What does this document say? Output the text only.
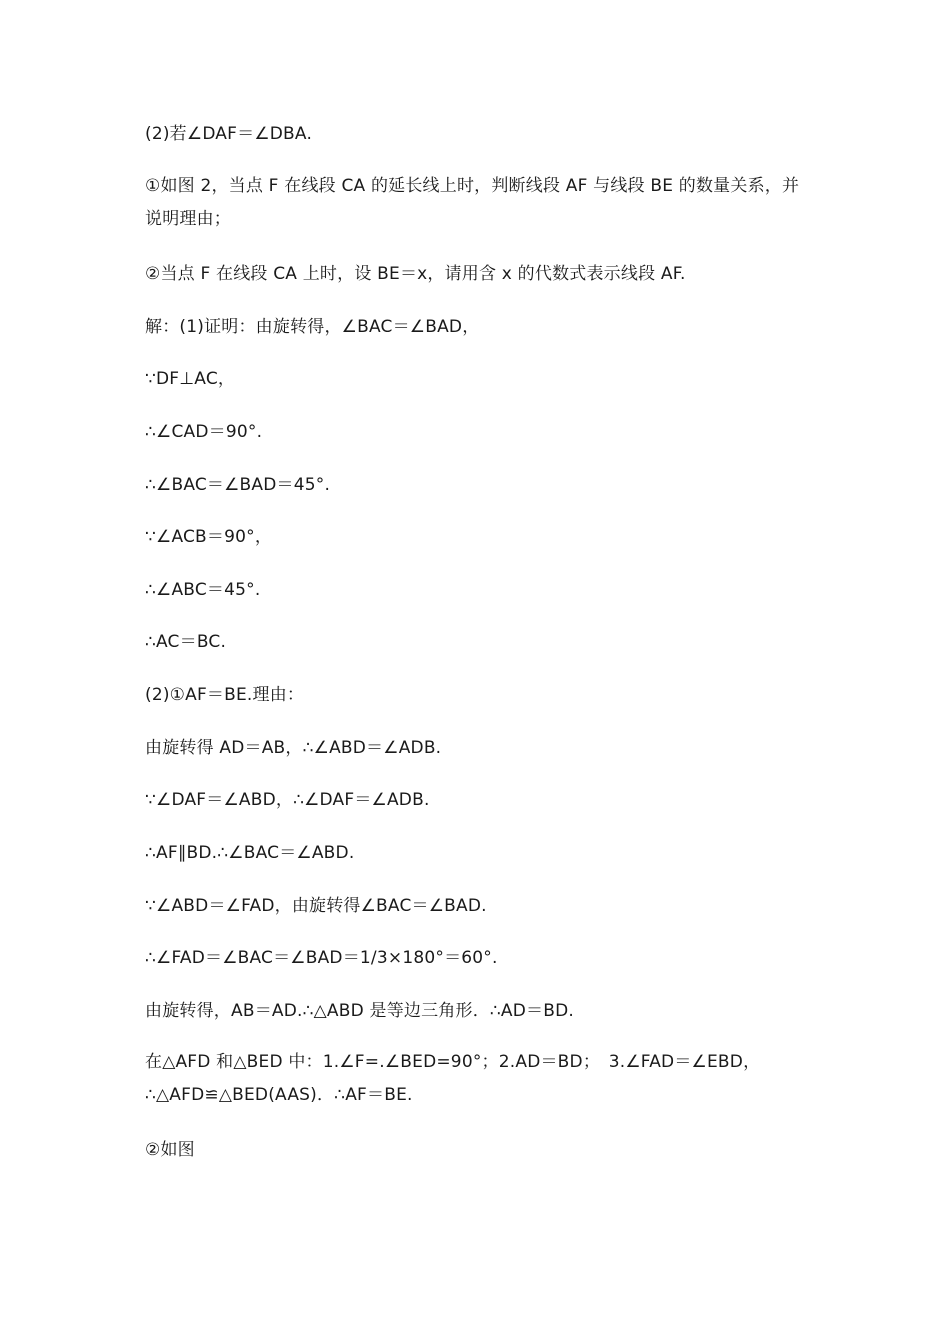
(2)若∠DAF＝∠DBA.
①如图 2，当点 F 在线段 CA 的延长线上时，判断线段 AF 与线段 BE 的数量关系，并说明理由；
②当点 F 在线段 CA 上时，设 BE＝x，请用含 x 的代数式表示线段 AF.
解：(1)证明：由旋转得，∠BAC＝∠BAD，
∵DF⊥AC，
∴∠CAD＝90°.
∴∠BAC＝∠BAD＝45°.
∵∠ACB＝90°，
∴∠ABC＝45°.
∴AC＝BC.
(2)①AF＝BE.理由：
由旋转得 AD＝AB，∴∠ABD＝∠ADB.
∵∠DAF＝∠ABD，∴∠DAF＝∠ADB.
∴AF∥BD.∴∠BAC＝∠ABD.
∵∠ABD＝∠FAD，由旋转得∠BAC＝∠BAD.
∴∠FAD＝∠BAC＝∠BAD＝1/3×180°＝60°.
由旋转得，AB＝AD.∴△ABD 是等边三角形．∴AD＝BD.
在△AFD 和△BED 中：1.∠F=.∠BED=90°；2.AD＝BD；　3.∠FAD＝∠EBD，∴△AFD≌△BED(AAS)．∴AF＝BE.
②如图
